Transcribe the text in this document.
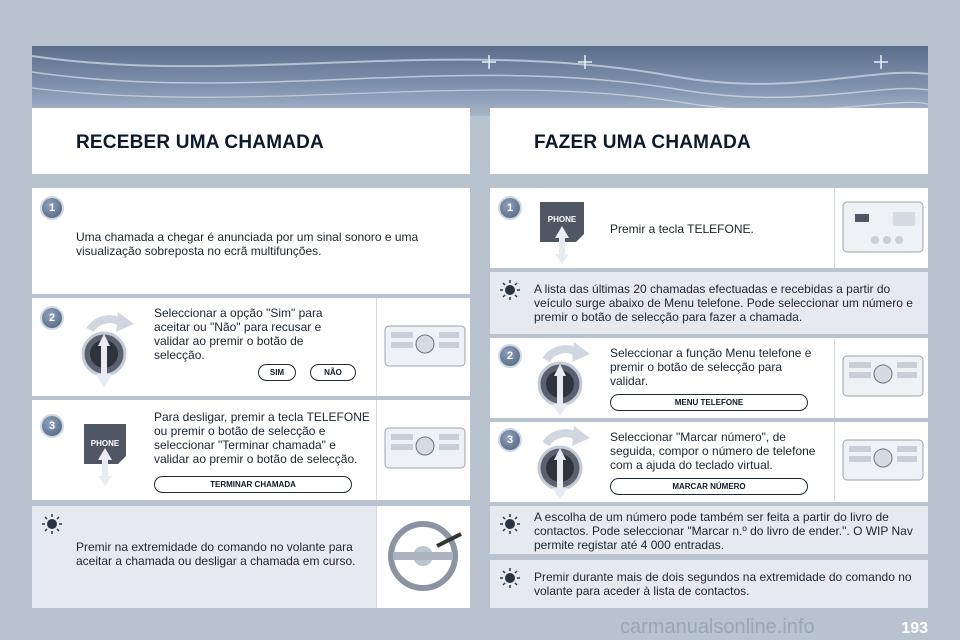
RECEBER UMA CHAMADA	FAZER UMA CHAMADA
1
Uma chamada a chegar é anunciada por um sinal sonoro e uma visualização sobreposta no ecrã multifunções.
2	Seleccionar a opção "Sim" para aceitar ou "Não" para recusar e validar ao premir o botão de selecção.
SIM	NÃO
3
PHONE
Para desligar, premir a tecla TELEFONE ou premir o botão de selecção e seleccionar "Terminar chamada" e validar ao premir o botão de selecção.
TERMINAR CHAMADA
Premir na extremidade do comando no volante para aceitar a chamada ou desligar a chamada em curso.
1
PHONE
Premir a tecla TELEFONE.
A lista das últimas 20 chamadas efectuadas e recebidas a partir do veículo surge abaixo de Menu telefone. Pode seleccionar um número e premir o botão de selecção para fazer a chamada.
2	Seleccionar a função Menu telefone e premir o botão de selecção para validar.
MENU TELEFONE
3	Seleccionar "Marcar número", de seguida, compor o número de telefone com a ajuda do teclado virtual.
MARCAR NÚMERO
A escolha de um número pode também ser feita a partir do livro de contactos. Pode seleccionar "Marcar n.º do livro de ender.". O WIP Nav permite registar até 4 000 entradas.
Premir durante mais de dois segundos na extremidade do comando no volante para aceder à lista de contactos.
193
carmanualsonline.info
